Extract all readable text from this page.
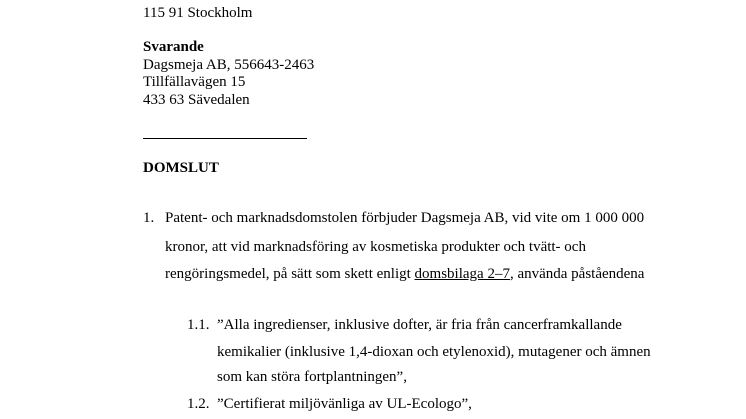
115 91 Stockholm
Svarande
Dagsmeja AB, 556643-2463
Tillfällavägen 15
433 63 Sävedalen
DOMSLUT
1. Patent- och marknadsdomstolen förbjuder Dagsmeja AB, vid vite om 1 000 000
kronor, att vid marknadsföring av kosmetiska produkter och tvätt- och
rengöringsmedel, på sätt som skett enligt domsbilaga 2–7, använda påståendena
1.1. ”Alla ingredienser, inklusive dofter, är fria från cancerframkallande
kemikalier (inklusive 1,4-dioxan och etylenoxid), mutagener och ämnen
som kan störa fortplantningen”,
1.2. ”Certifierat miljövänliga av UL-Ecologo”,
